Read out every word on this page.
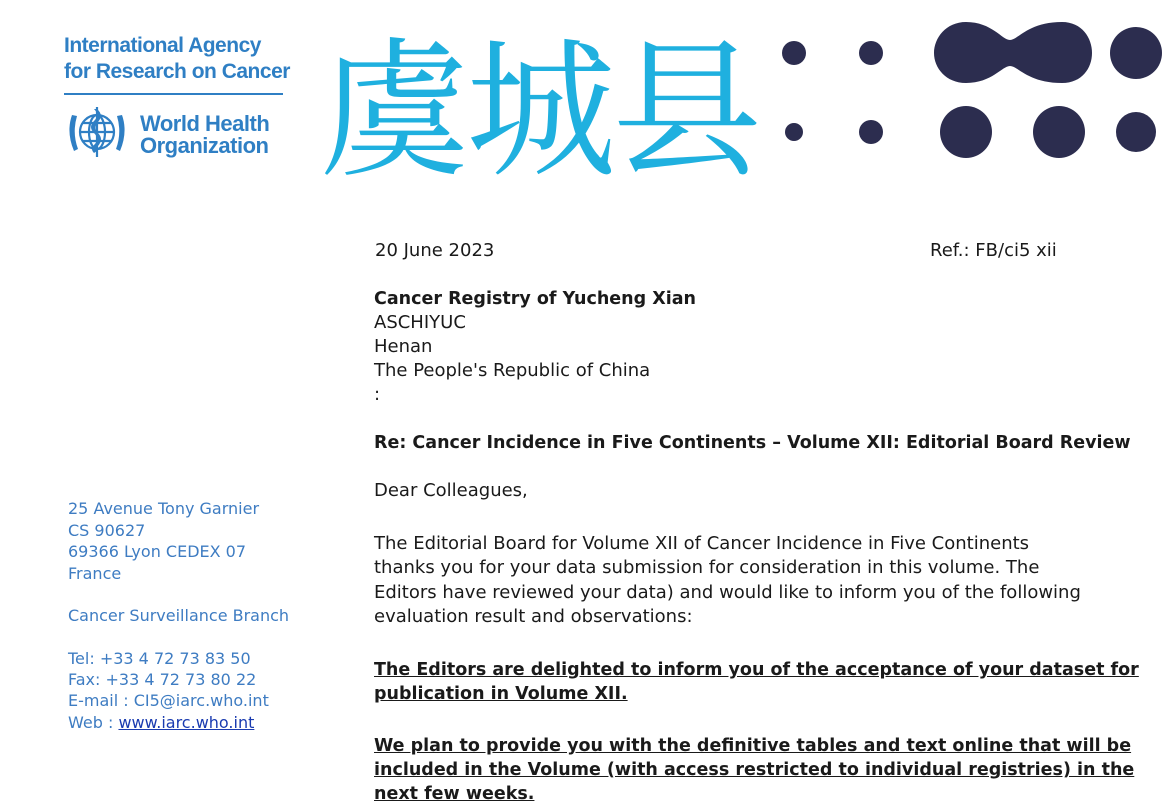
International Agency
for Research on Cancer
World Health
Organization 虞城县
20 June 2023	Ref.: FB/ci5 xii
Cancer Registry of Yucheng Xian
ASCHIYUC
Henan
The People's Republic of China
:
Re: Cancer Incidence in Five Continents – Volume XII: Editorial Board Review
Dear Colleagues,
The Editorial Board for Volume XII of Cancer Incidence in Five Continents
thanks you for your data submission for consideration in this volume. The
Editors have reviewed your data) and would like to inform you of the following
evaluation result and observations:
The Editors are delighted to inform you of the acceptance of your dataset for
publication in Volume XII.
We plan to provide you with the definitive tables and text online that will be
included in the Volume (with access restricted to individual registries) in the
next few weeks.
25 Avenue Tony Garnier
CS 90627
69366 Lyon CEDEX 07
France
Cancer Surveillance Branch
Tel: +33 4 72 73 83 50
Fax: +33 4 72 73 80 22
E-mail : CI5@iarc.who.int
Web : www.iarc.who.int
